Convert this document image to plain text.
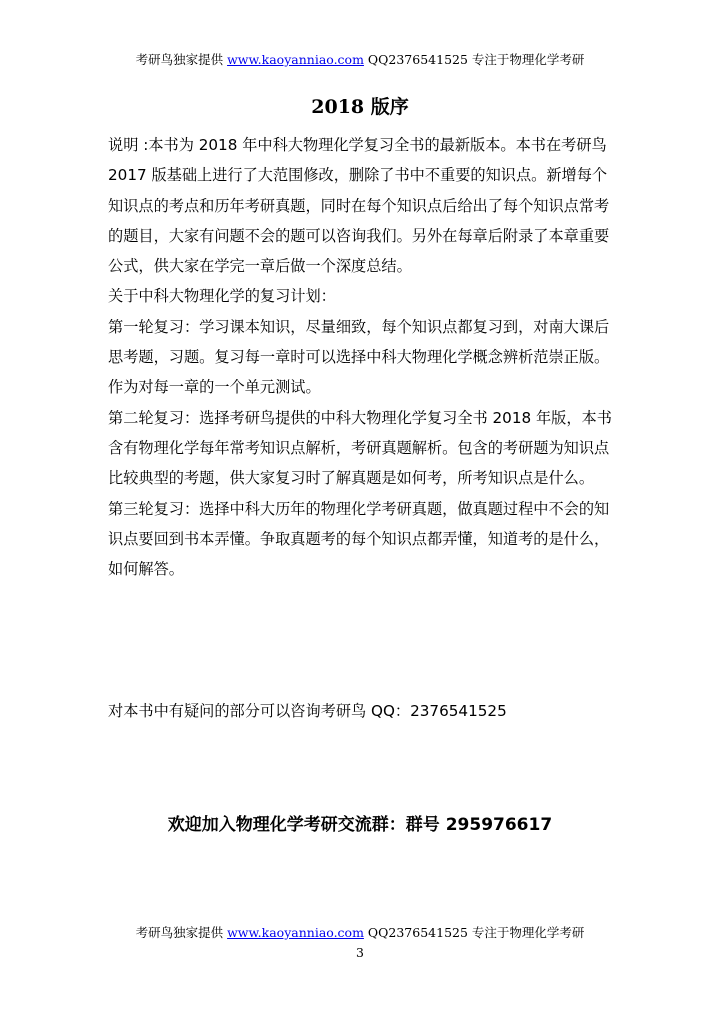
考研鸟独家提供 www.kaoyanniao.com QQ2376541525 专注于物理化学考研
2018 版序

说明 :本书为 2018 年中科大物理化学复习全书的最新版本。本书在考研鸟 2017 版基础上进行了大范围修改，删除了书中不重要的知识点。新增每个知识点的考点和历年考研真题，同时在每个知识点后给出了每个知识点常考的题目，大家有问题不会的题可以咨询我们。另外在每章后附录了本章重要公式，供大家在学完一章后做一个深度总结。

关于中科大物理化学的复习计划：

第一轮复习：学习课本知识，尽量细致，每个知识点都复习到，对南大课后思考题，习题。复习每一章时可以选择中科大物理化学概念辨析范崇正版。作为对每一章的一个单元测试。

第二轮复习：选择考研鸟提供的中科大物理化学复习全书 2018 年版，本书含有物理化学每年常考知识点解析，考研真题解析。包含的考研题为知识点比较典型的考题，供大家复习时了解真题是如何考，所考知识点是什么。

第三轮复习：选择中科大历年的物理化学考研真题，做真题过程中不会的知识点要回到书本弄懂。争取真题考的每个知识点都弄懂，知道考的是什么，如何解答。

对本书中有疑问的部分可以咨询考研鸟 QQ：2376541525
欢迎加入物理化学考研交流群：群号 295976617
考研鸟独家提供 www.kaoyanniao.com QQ2376541525 专注于物理化学考研
3
